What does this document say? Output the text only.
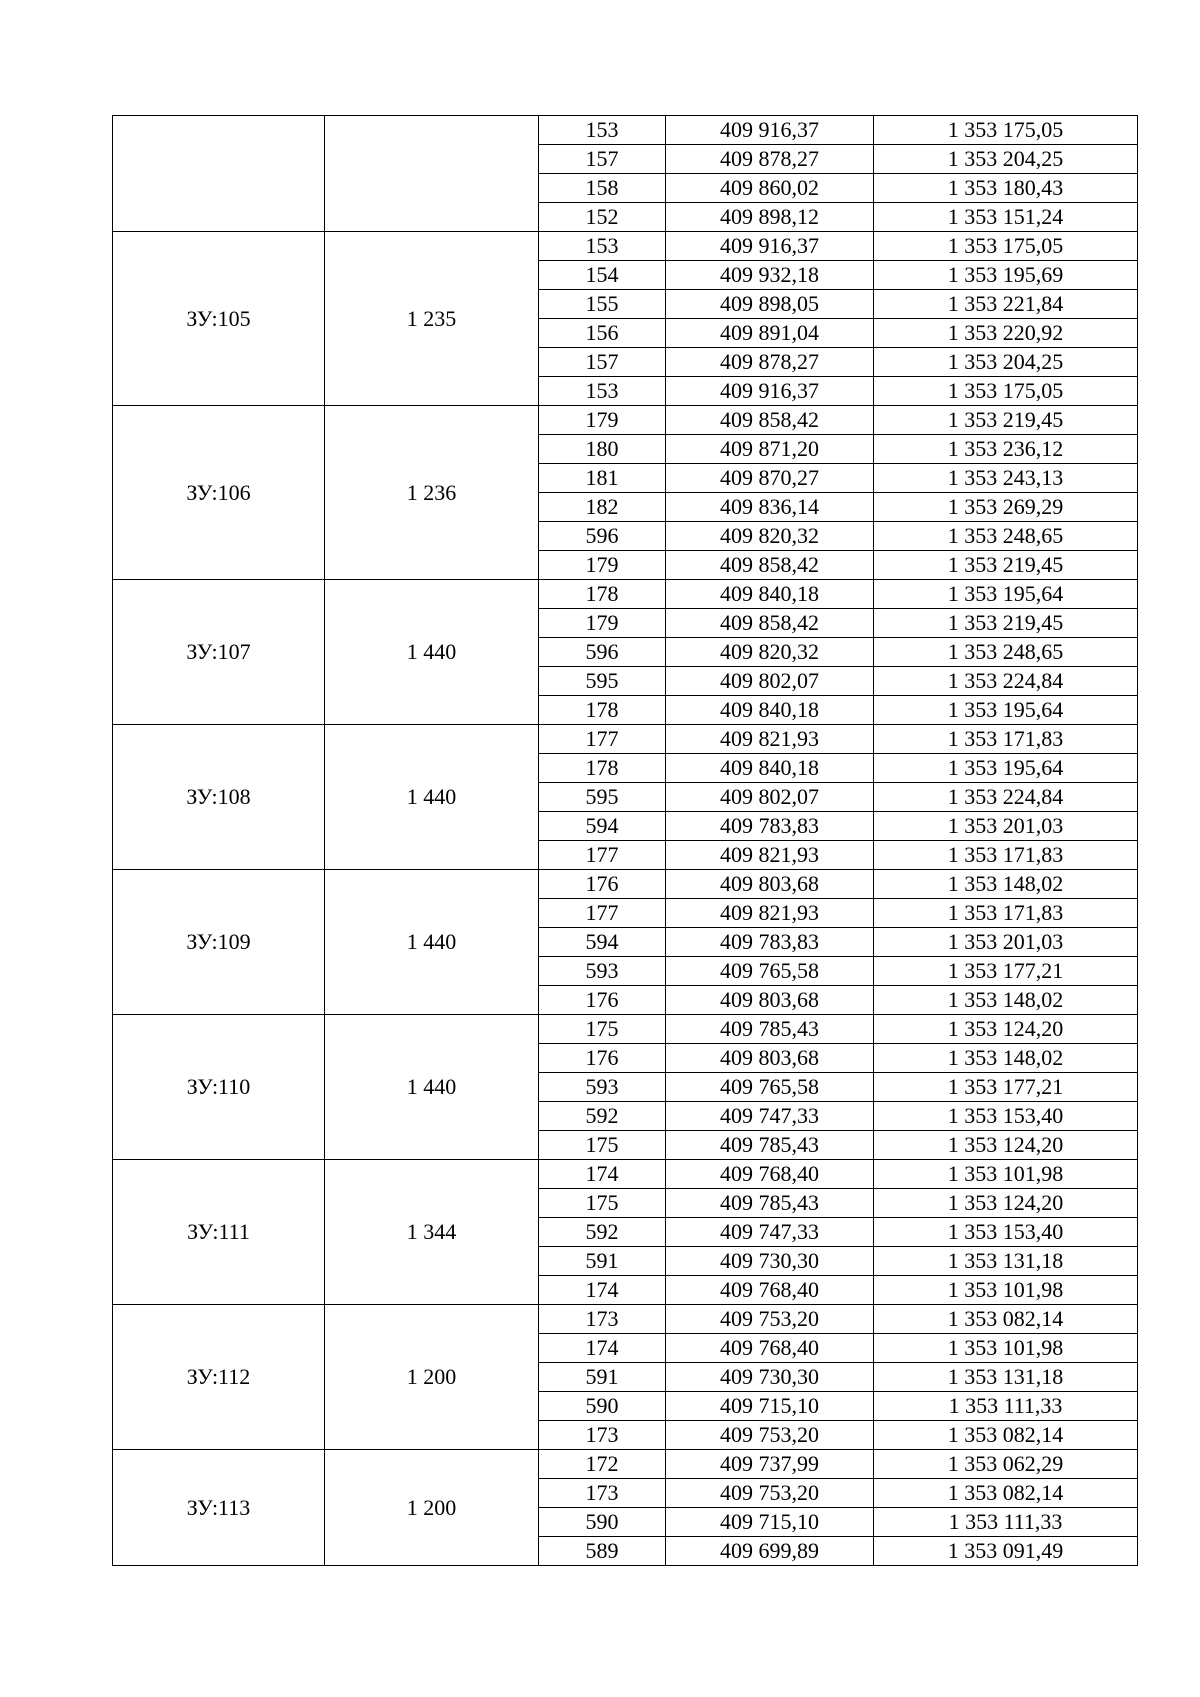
		153	409 916,37	1 353 175,05
		157	409 878,27	1 353 204,25
		158	409 860,02	1 353 180,43
		152	409 898,12	1 353 151,24
ЗУ:105	1 235	153	409 916,37	1 353 175,05
		154	409 932,18	1 353 195,69
		155	409 898,05	1 353 221,84
		156	409 891,04	1 353 220,92
		157	409 878,27	1 353 204,25
		153	409 916,37	1 353 175,05
ЗУ:106	1 236	179	409 858,42	1 353 219,45
		180	409 871,20	1 353 236,12
		181	409 870,27	1 353 243,13
		182	409 836,14	1 353 269,29
		596	409 820,32	1 353 248,65
		179	409 858,42	1 353 219,45
ЗУ:107	1 440	178	409 840,18	1 353 195,64
		179	409 858,42	1 353 219,45
		596	409 820,32	1 353 248,65
		595	409 802,07	1 353 224,84
		178	409 840,18	1 353 195,64
ЗУ:108	1 440	177	409 821,93	1 353 171,83
		178	409 840,18	1 353 195,64
		595	409 802,07	1 353 224,84
		594	409 783,83	1 353 201,03
		177	409 821,93	1 353 171,83
ЗУ:109	1 440	176	409 803,68	1 353 148,02
		177	409 821,93	1 353 171,83
		594	409 783,83	1 353 201,03
		593	409 765,58	1 353 177,21
		176	409 803,68	1 353 148,02
ЗУ:110	1 440	175	409 785,43	1 353 124,20
		176	409 803,68	1 353 148,02
		593	409 765,58	1 353 177,21
		592	409 747,33	1 353 153,40
		175	409 785,43	1 353 124,20
ЗУ:111	1 344	174	409 768,40	1 353 101,98
		175	409 785,43	1 353 124,20
		592	409 747,33	1 353 153,40
		591	409 730,30	1 353 131,18
		174	409 768,40	1 353 101,98
ЗУ:112	1 200	173	409 753,20	1 353 082,14
		174	409 768,40	1 353 101,98
		591	409 730,30	1 353 131,18
		590	409 715,10	1 353 111,33
		173	409 753,20	1 353 082,14
ЗУ:113	1 200	172	409 737,99	1 353 062,29
		173	409 753,20	1 353 082,14
		590	409 715,10	1 353 111,33
		589	409 699,89	1 353 091,49
